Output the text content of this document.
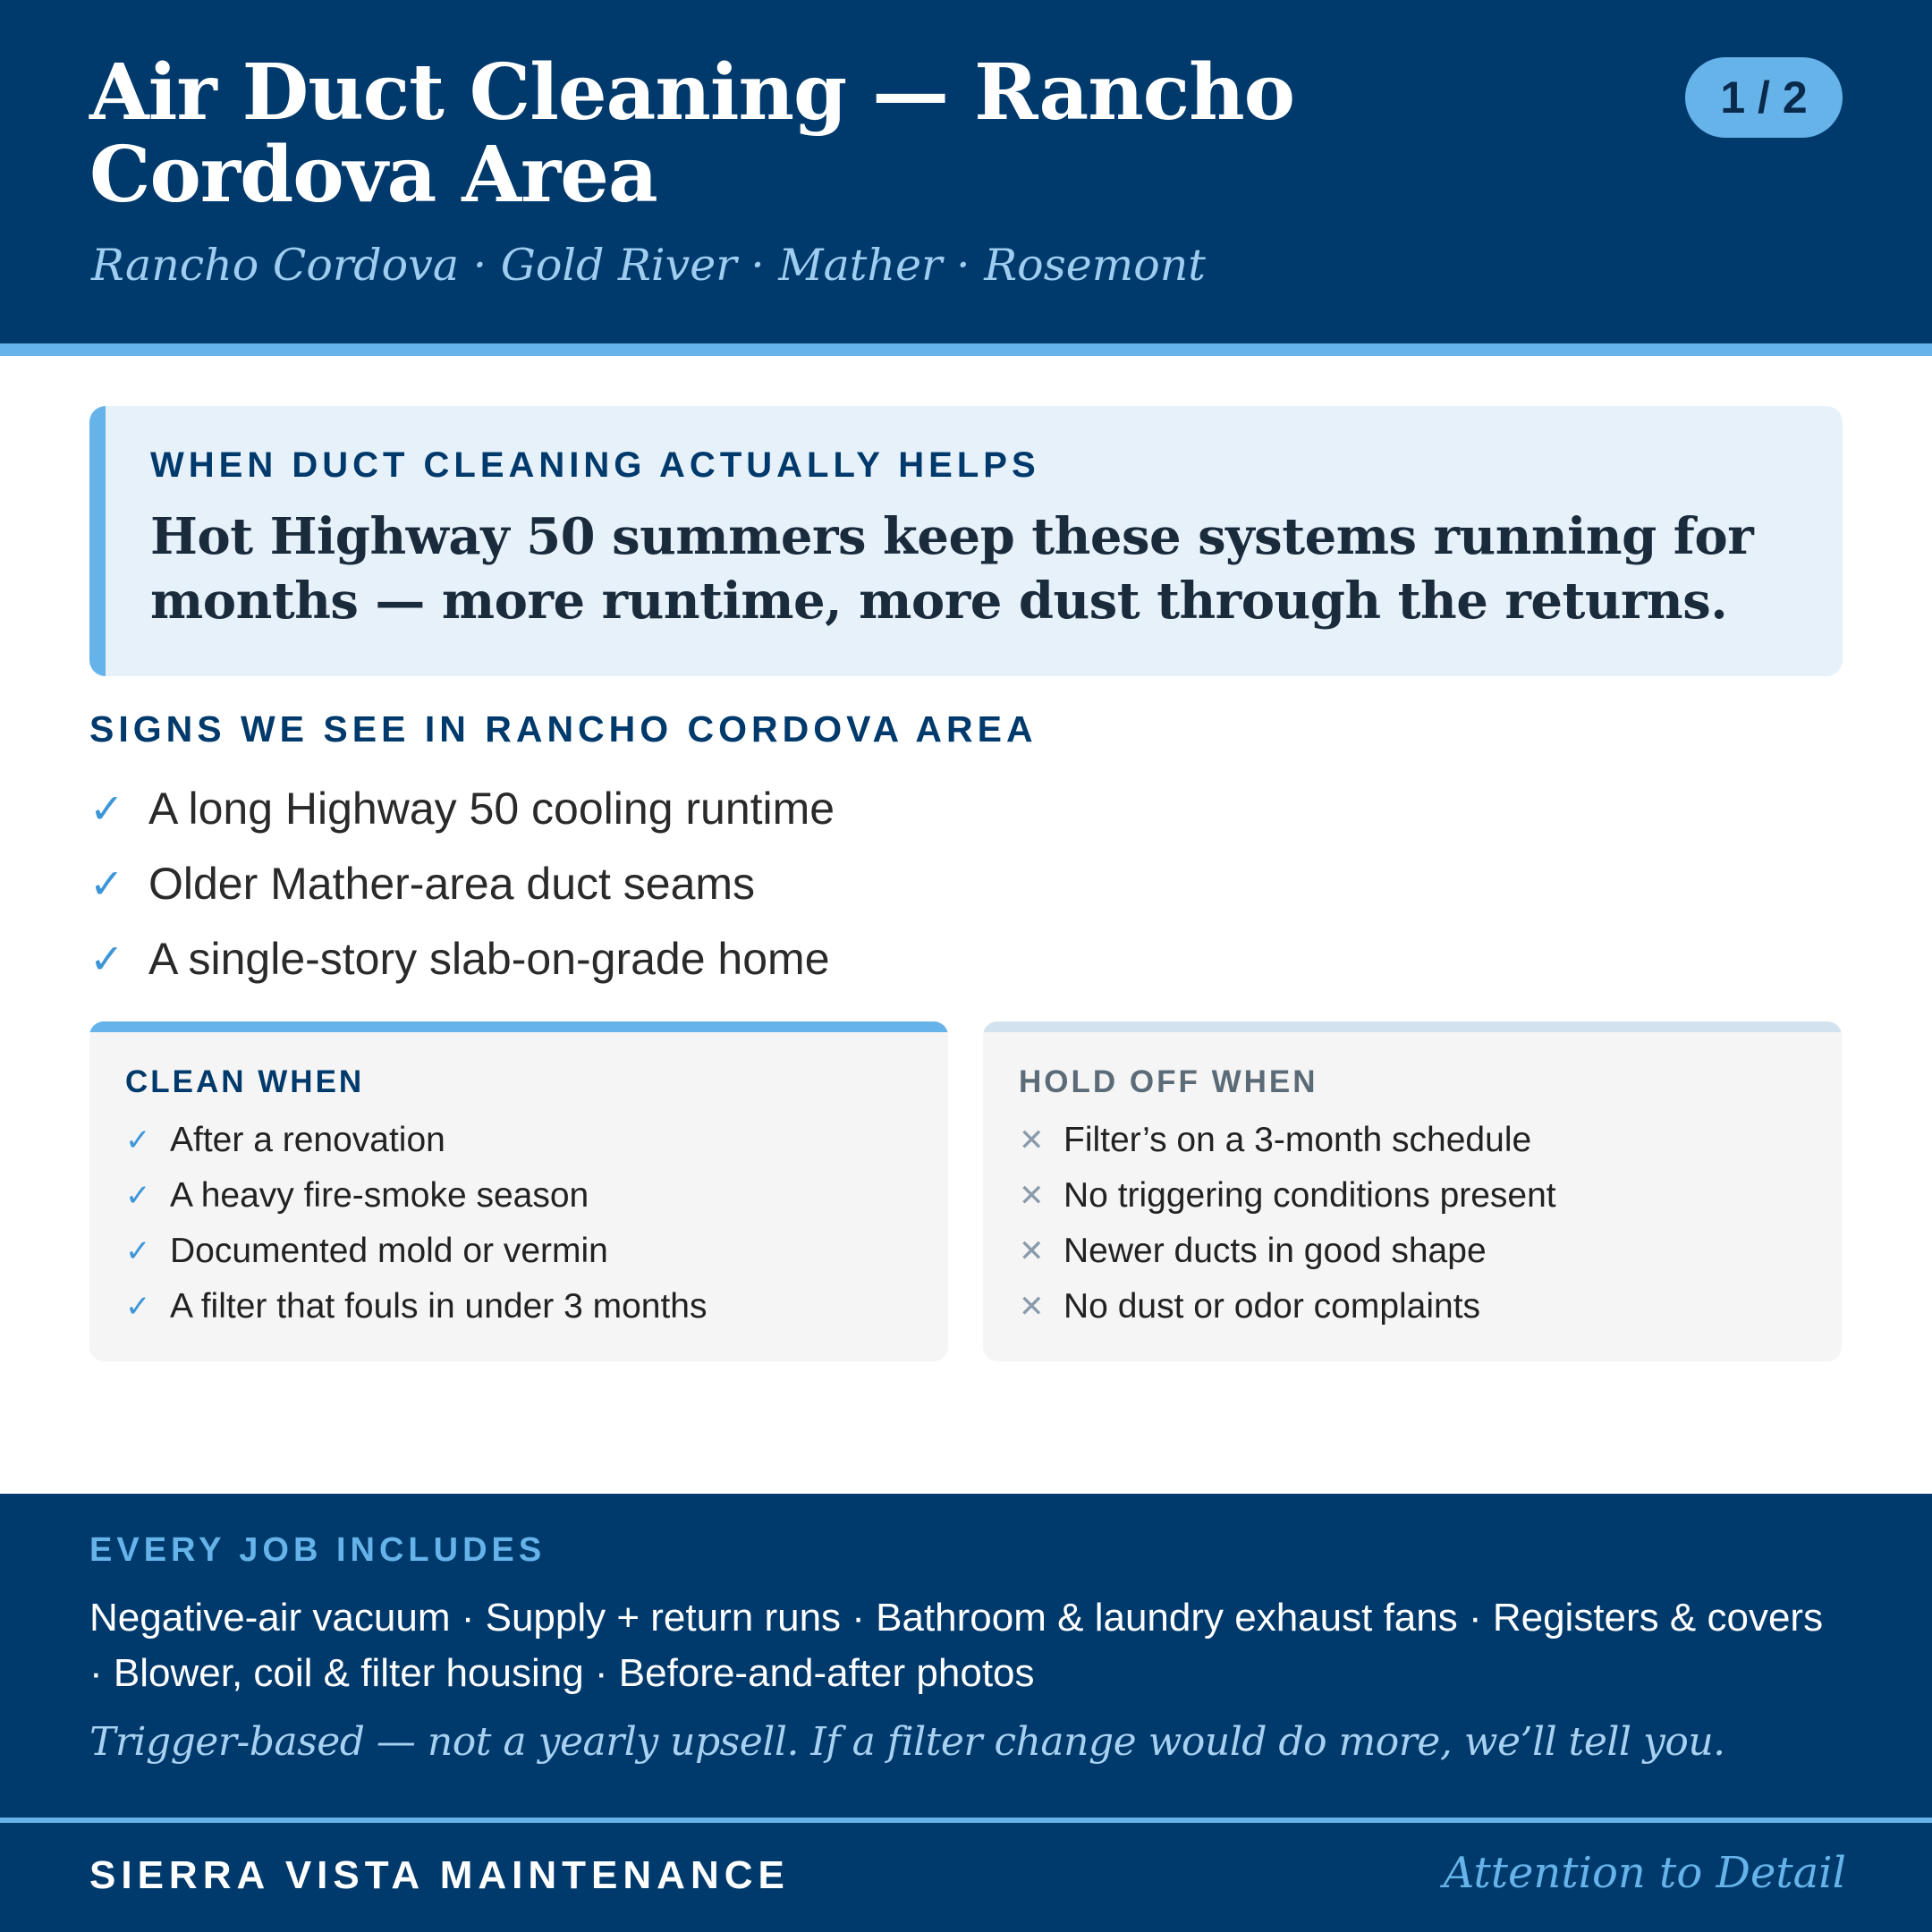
Air Duct Cleaning — Rancho Cordova Area
Rancho Cordova · Gold River · Mather · Rosemont
1 / 2
WHEN DUCT CLEANING ACTUALLY HELPS
Hot Highway 50 summers keep these systems running for months — more runtime, more dust through the returns.
SIGNS WE SEE IN RANCHO CORDOVA AREA
✓ A long Highway 50 cooling runtime
✓ Older Mather-area duct seams
✓ A single-story slab-on-grade home
CLEAN WHEN
✓ After a renovation
✓ A heavy fire-smoke season
✓ Documented mold or vermin
✓ A filter that fouls in under 3 months
HOLD OFF WHEN
✕ Filter’s on a 3-month schedule
✕ No triggering conditions present
✕ Newer ducts in good shape
✕ No dust or odor complaints
EVERY JOB INCLUDES
Negative-air vacuum · Supply + return runs · Bathroom & laundry exhaust fans · Registers & covers · Blower, coil & filter housing · Before-and-after photos
Trigger-based — not a yearly upsell. If a filter change would do more, we’ll tell you.
SIERRA VISTA MAINTENANCE	Attention to Detail
